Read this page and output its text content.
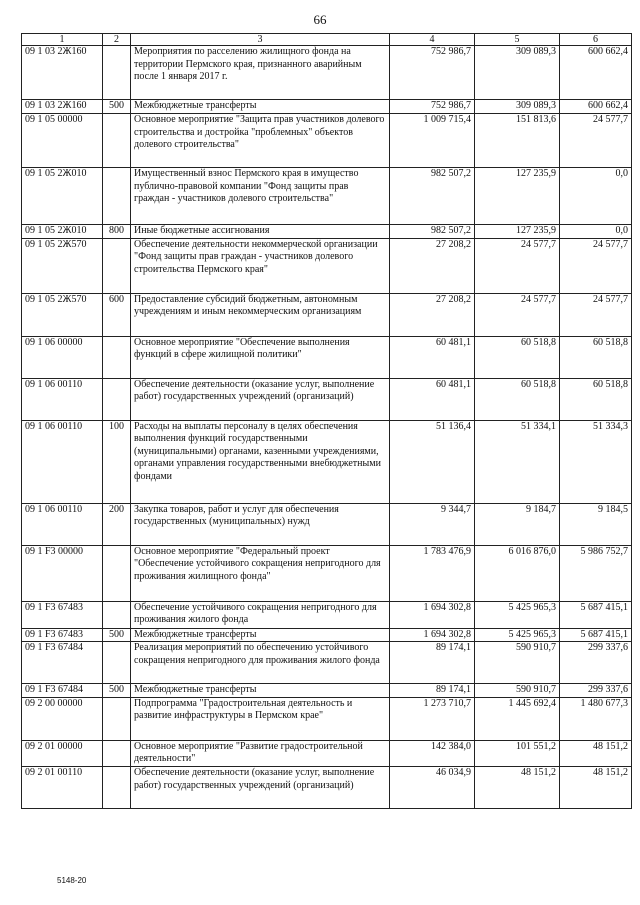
66
1	2	3	4	5	6
09 1 03 2Ж160		Мероприятия по расселению жилищного фонда на территории Пермского края, признанного аварийным после 1 января 2017 г.	752 986,7	309 089,3	600 662,4
09 1 03 2Ж160	500	Межбюджетные трансферты	752 986,7	309 089,3	600 662,4
09 1 05 00000		Основное мероприятие "Защита прав участников долевого строительства и достройка "проблемных" объектов долевого строительства"	1 009 715,4	151 813,6	24 577,7
09 1 05 2Ж010		Имущественный взнос Пермского края в имущество публично-правовой компании "Фонд защиты прав граждан - участников долевого строительства"	982 507,2	127 235,9	0,0
09 1 05 2Ж010	800	Иные бюджетные ассигнования	982 507,2	127 235,9	0,0
09 1 05 2Ж570		Обеспечение деятельности некоммерческой организации "Фонд защиты прав граждан - участников долевого строительства Пермского края"	27 208,2	24 577,7	24 577,7
09 1 05 2Ж570	600	Предоставление субсидий бюджетным, автономным учреждениям и иным некоммерческим организациям	27 208,2	24 577,7	24 577,7
09 1 06 00000		Основное мероприятие "Обеспечение выполнения функций в сфере жилищной политики"	60 481,1	60 518,8	60 518,8
09 1 06 00110		Обеспечение деятельности (оказание услуг, выполнение работ) государственных учреждений (организаций)	60 481,1	60 518,8	60 518,8
09 1 06 00110	100	Расходы на выплаты персоналу в целях обеспечения выполнения функций государственными (муниципальными) органами, казенными учреждениями, органами управления государственными внебюджетными фондами	51 136,4	51 334,1	51 334,3
09 1 06 00110	200	Закупка товаров, работ и услуг для обеспечения государственных (муниципальных) нужд	9 344,7	9 184,7	9 184,5
09 1 F3 00000		Основное мероприятие "Федеральный проект "Обеспечение устойчивого сокращения непригодного для проживания жилищного фонда"	1 783 476,9	6 016 876,0	5 986 752,7
09 1 F3 67483		Обеспечение устойчивого сокращения непригодного для проживания жилого фонда	1 694 302,8	5 425 965,3	5 687 415,1
09 1 F3 67483	500	Межбюджетные трансферты	1 694 302,8	5 425 965,3	5 687 415,1
09 1 F3 67484		Реализация мероприятий по обеспечению устойчивого сокращения непригодного для проживания жилого фонда	89 174,1	590 910,7	299 337,6
09 1 F3 67484	500	Межбюджетные трансферты	89 174,1	590 910,7	299 337,6
09 2 00 00000		Подпрограмма "Градостроительная деятельность и развитие инфраструктуры в Пермском крае"	1 273 710,7	1 445 692,4	1 480 677,3
09 2 01 00000		Основное мероприятие "Развитие градостроительной деятельности"	142 384,0	101 551,2	48 151,2
09 2 01 00110		Обеспечение деятельности (оказание услуг, выполнение работ) государственных учреждений (организаций)	46 034,9	48 151,2	48 151,2
5148-20
